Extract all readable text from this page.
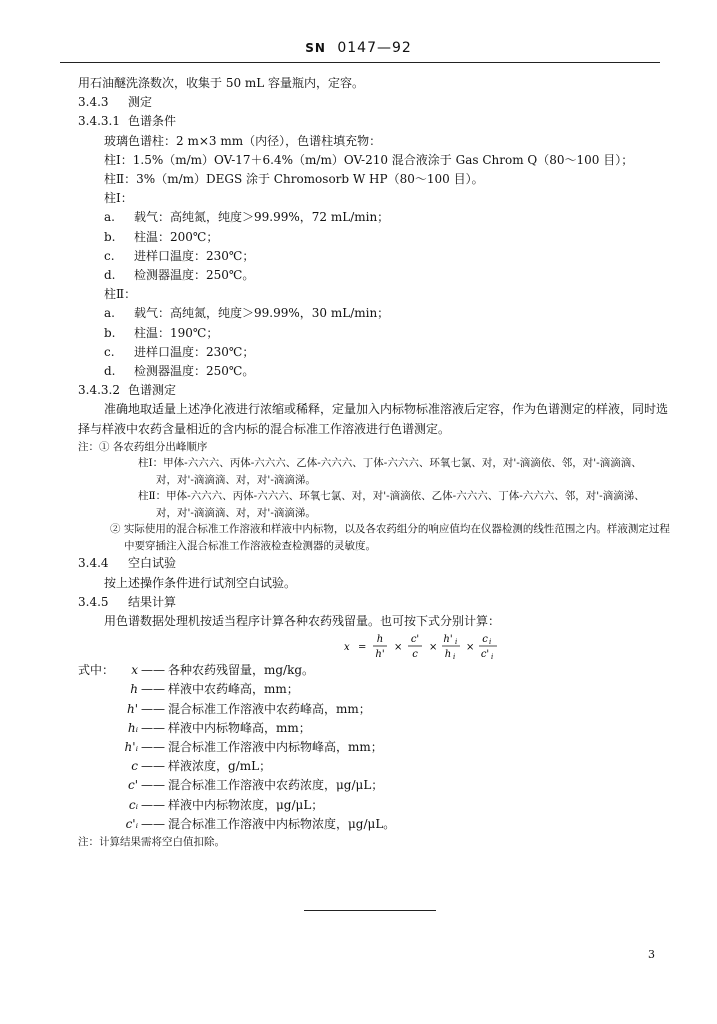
SN 0147—92
用石油醚洗涤数次，收集于 50 mL 容量瓶内，定容。
3.4.3 测定
3.4.3.1 色谱条件
玻璃色谱柱：2 m×3 mm（内径），色谱柱填充物：
柱Ⅰ：1.5%（m/m）OV-17＋6.4%（m/m）OV-210 混合液涂于 Gas Chrom Q（80～100 目）；
柱Ⅱ：3%（m/m）DEGS 涂于 Chromosorb W HP（80～100 目）。
柱Ⅰ：
a. 载气：高纯氮，纯度＞99.99%，72 mL/min；
b. 柱温：200℃；
c. 进样口温度：230℃；
d. 检测器温度：250℃。
柱Ⅱ：
a. 载气：高纯氮，纯度＞99.99%，30 mL/min；
b. 柱温：190℃；
c. 进样口温度：230℃；
d. 检测器温度：250℃。
3.4.3.2 色谱测定
准确地取适量上述净化液进行浓缩或稀释，定量加入内标物标准溶液后定容，作为色谱测定的样液，同时选择与样液中农药含量相近的含内标的混合标准工作溶液进行色谱测定。
注：① 各农药组分出峰顺序
柱Ⅰ：甲体-六六六、丙体-六六六、乙体-六六六、丁体-六六六、环氧七氯、对，对'-滴滴依、邻，对'-滴滴滴、
对，对'-滴滴滴、对，对'-滴滴涕。
柱Ⅱ：甲体-六六六、丙体-六六六、环氧七氯、对，对'-滴滴依、乙体-六六六、丁体-六六六、邻，对'-滴滴涕、
对，对'-滴滴滴、对，对'-滴滴涕。
② 实际使用的混合标准工作溶液和样液中内标物，以及各农药组分的响应值均在仪器检测的线性范围之内。样液测定过程中要穿插注入混合标准工作溶液检查检测器的灵敏度。
3.4.4 空白试验
按上述操作条件进行试剂空白试验。
3.4.5 结果计算
用色谱数据处理机按适当程序计算各种农药残留量。也可按下式分别计算：
x =
h
h'
×
c'
c
×
h' i
h i
×
c i
c' i
式中：	x —— 各种农药残留量，mg/kg。
h —— 样液中农药峰高，mm；
h' —— 混合标准工作溶液中农药峰高，mm；
hᵢ —— 样液中内标物峰高，mm；
h'ᵢ —— 混合标准工作溶液中内标物峰高，mm；
c —— 样液浓度，g/mL；
c' —— 混合标准工作溶液中农药浓度，μg/μL；
cᵢ —— 样液中内标物浓度，μg/μL；
c'ᵢ —— 混合标准工作溶液中内标物浓度，μg/μL。
注：计算结果需将空白值扣除。
3
